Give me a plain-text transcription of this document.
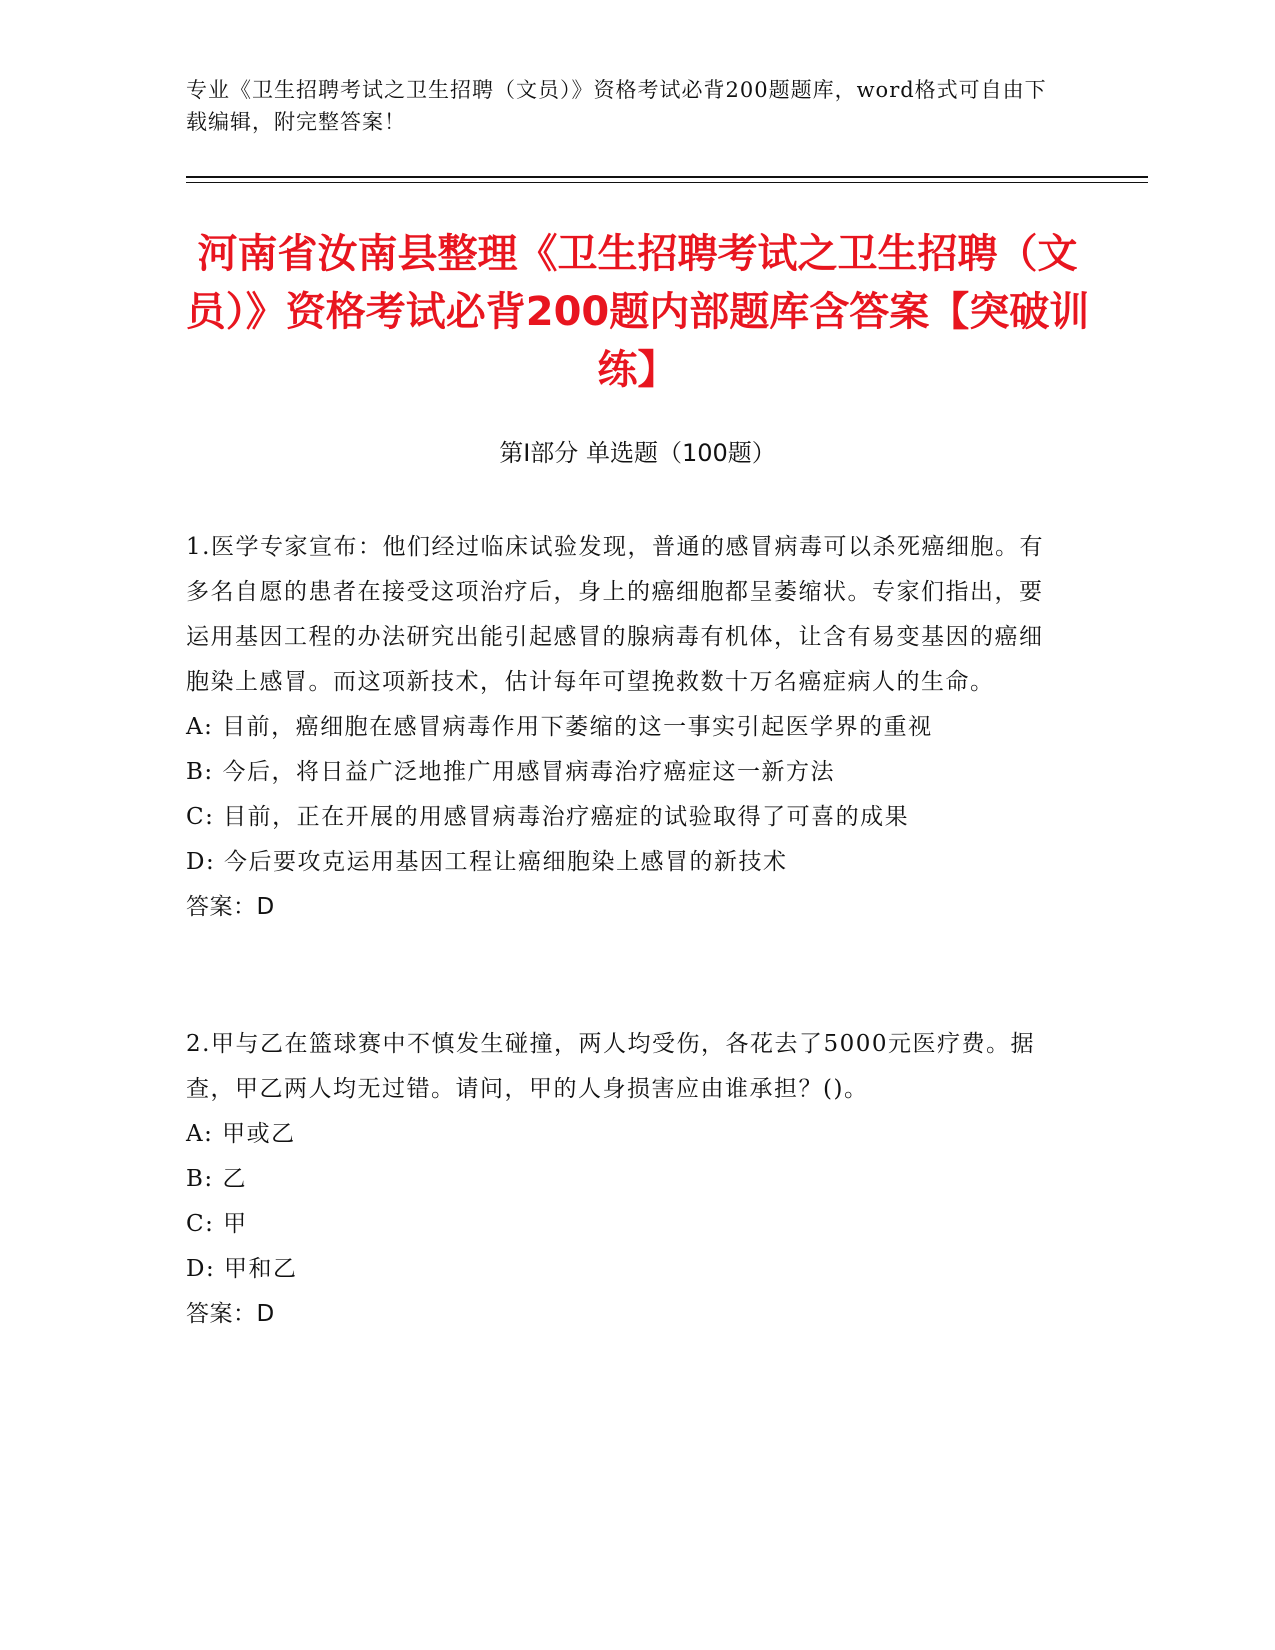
专业《卫生招聘考试之卫生招聘（文员）》资格考试必背200题题库，word格式可自由下载编辑，附完整答案！
河南省汝南县整理《卫生招聘考试之卫生招聘（文员）》资格考试必背200题内部题库含答案【突破训练】
第Ⅰ部分 单选题（100题）

1.医学专家宣布：他们经过临床试验发现，普通的感冒病毒可以杀死癌细胞。有多名自愿的患者在接受这项治疗后，身上的癌细胞都呈萎缩状。专家们指出，要运用基因工程的办法研究出能引起感冒的腺病毒有机体，让含有易变基因的癌细胞染上感冒。而这项新技术，估计每年可望挽救数十万名癌症病人的生命。

A: 目前，癌细胞在感冒病毒作用下萎缩的这一事实引起医学界的重视

B: 今后，将日益广泛地推广用感冒病毒治疗癌症这一新方法

C: 目前，正在开展的用感冒病毒治疗癌症的试验取得了可喜的成果

D: 今后要攻克运用基因工程让癌细胞染上感冒的新技术

答案：D

2.甲与乙在篮球赛中不慎发生碰撞，两人均受伤，各花去了5000元医疗费。据查，甲乙两人均无过错。请问，甲的人身损害应由谁承担？()。

A: 甲或乙

B: 乙

C: 甲

D: 甲和乙

答案：D
